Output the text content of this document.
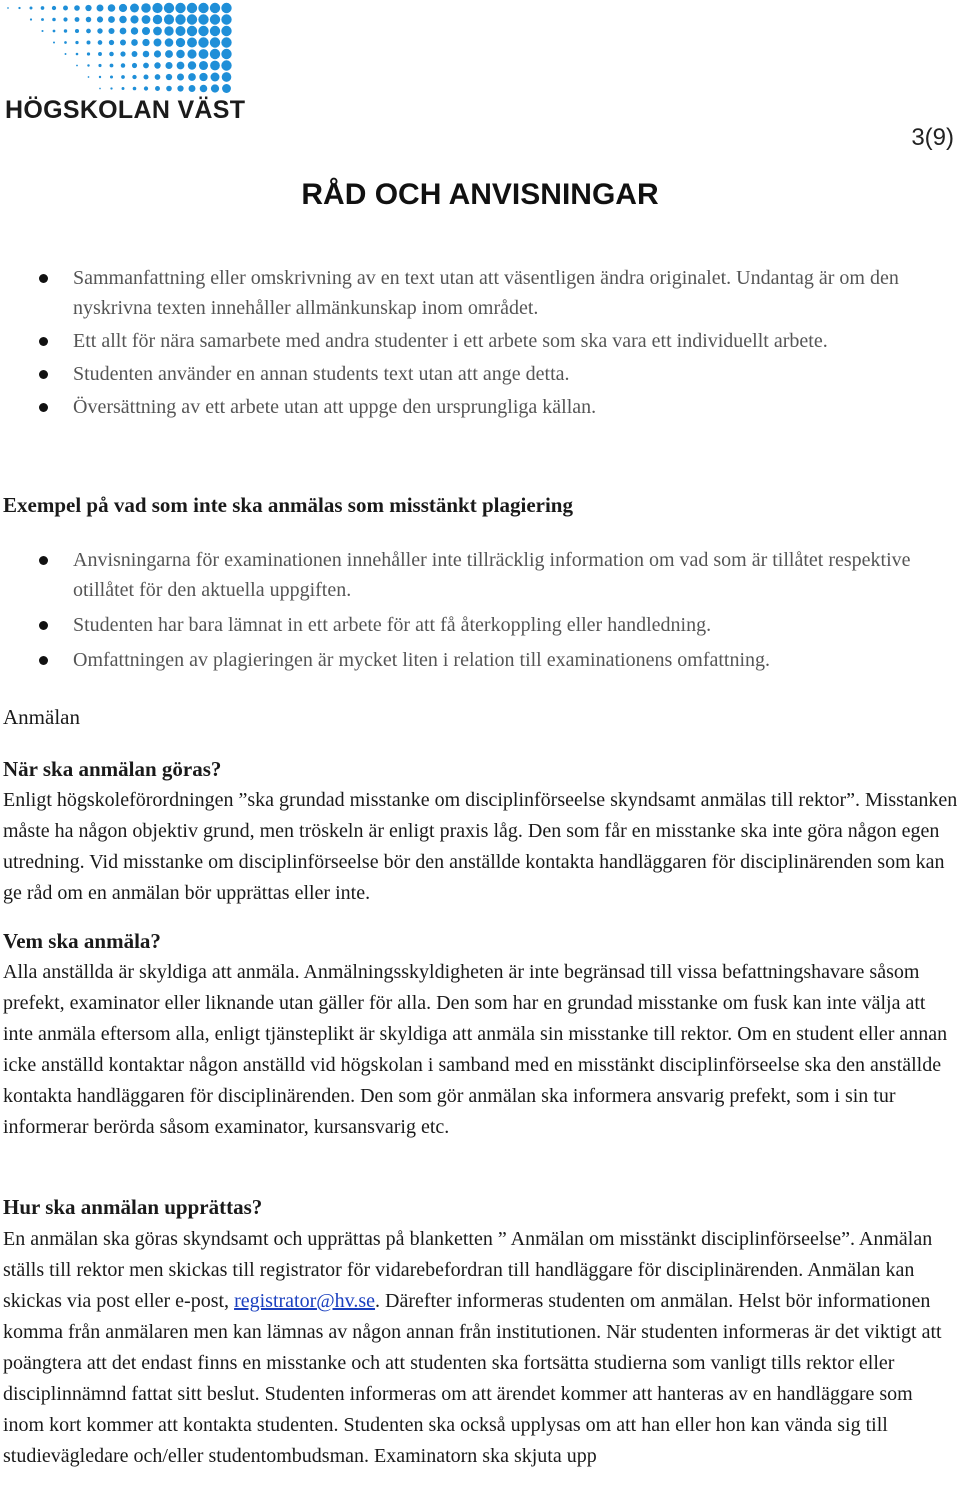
HÖGSKOLAN VÄST
3(9)
RÅD OCH ANVISNINGAR
Sammanfattning eller omskrivning av en text utan att väsentligen ändra originalet. Undantag är om den nyskrivna texten innehåller allmänkunskap inom området.
Ett allt för nära samarbete med andra studenter i ett arbete som ska vara ett individuellt arbete.
Studenten använder en annan students text utan att ange detta.
Översättning av ett arbete utan att uppge den ursprungliga källan.
Exempel på vad som inte ska anmälas som misstänkt plagiering
Anvisningarna för examinationen innehåller inte tillräcklig information om vad som är tillåtet respektive otillåtet för den aktuella uppgiften.
Studenten har bara lämnat in ett arbete för att få återkoppling eller handledning.
Omfattningen av plagieringen är mycket liten i relation till examinationens omfattning.
Anmälan
När ska anmälan göras?

Enligt högskoleförordningen ”ska grundad misstanke om disciplinförseelse skyndsamt anmälas till rektor”. Misstanken måste ha någon objektiv grund, men tröskeln är enligt praxis låg. Den som får en misstanke ska inte göra någon egen utredning. Vid misstanke om disciplinförseelse bör den anställde kontakta handläggaren för disciplinärenden som kan ge råd om en anmälan bör upprättas eller inte.

Vem ska anmäla?

Alla anställda är skyldiga att anmäla. Anmälningsskyldigheten är inte begränsad till vissa befattningshavare såsom prefekt, examinator eller liknande utan gäller för alla. Den som har en grundad misstanke om fusk kan inte välja att inte anmäla eftersom alla, enligt tjänsteplikt är skyldiga att anmäla sin misstanke till rektor. Om en student eller annan icke anställd kontaktar någon anställd vid högskolan i samband med en misstänkt disciplinförseelse ska den anställde kontakta handläggaren för disciplinärenden. Den som gör anmälan ska informera ansvarig prefekt, som i sin tur informerar berörda såsom examinator, kursansvarig etc.

Hur ska anmälan upprättas?

En anmälan ska göras skyndsamt och upprättas på blanketten ” Anmälan om misstänkt disciplinförseelse”. Anmälan ställs till rektor men skickas till registrator för vidarebefordran till handläggare för disciplinärenden. Anmälan kan skickas via post eller e-post, registrator@hv.se. Därefter informeras studenten om anmälan. Helst bör informationen komma från anmälaren men kan lämnas av någon annan från institutionen. När studenten informeras är det viktigt att poängtera att det endast finns en misstanke och att studenten ska fortsätta studierna som vanligt tills rektor eller disciplinnämnd fattat sitt beslut. Studenten informeras om att ärendet kommer att hanteras av en handläggare som inom kort kommer att kontakta studenten. Studenten ska också upplysas om att han eller hon kan vända sig till studievägledare och/eller studentombudsman. Examinatorn ska skjuta upp
